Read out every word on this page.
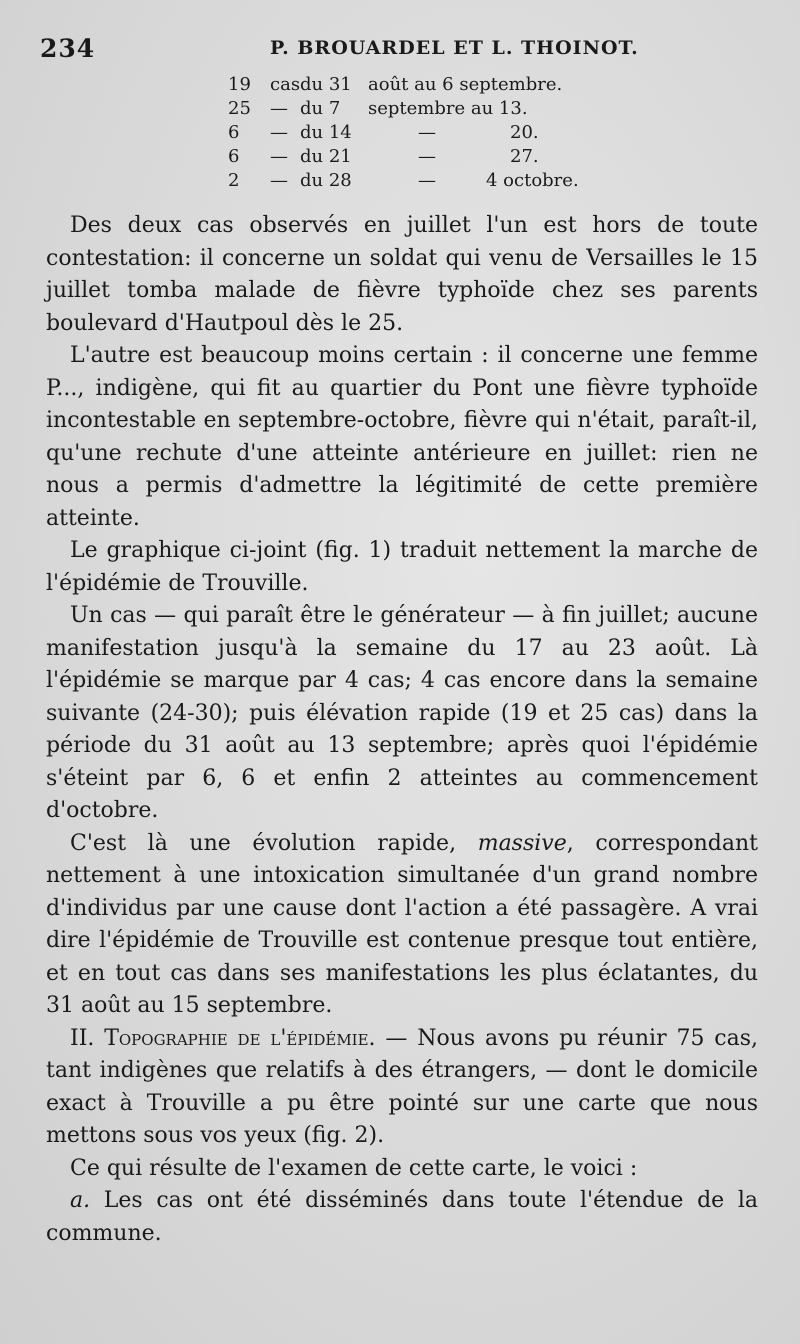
234	P. BROUARDEL ET L. THOINOT.
19 cas du 31 août au 6 septembre.
25 — du 7 septembre au 13.
6 — du 14	—	20.
6 — du 21	—	27.
2 — du 28	—	4 octobre.

Des deux cas observés en juillet l'un est hors de toute contestation: il concerne un soldat qui venu de Versailles le 15 juillet tomba malade de fièvre typhoïde chez ses parents boulevard d'Hautpoul dès le 25.

L'autre est beaucoup moins certain : il concerne une femme P..., indigène, qui fit au quartier du Pont une fièvre typhoïde incontestable en septembre-octobre, fièvre qui n'était, paraît-il, qu'une rechute d'une atteinte antérieure en juillet: rien ne nous a permis d'admettre la légitimité de cette première atteinte.

Le graphique ci-joint (fig. 1) traduit nettement la marche de l'épidémie de Trouville.

Un cas — qui paraît être le générateur — à fin juillet; aucune manifestation jusqu'à la semaine du 17 au 23 août. Là l'épidémie se marque par 4 cas; 4 cas encore dans la semaine suivante (24-30); puis élévation rapide (19 et 25 cas) dans la période du 31 août au 13 septembre; après quoi l'épidémie s'éteint par 6, 6 et enfin 2 atteintes au commencement d'octobre.

C'est là une évolution rapide, massive, correspondant nettement à une intoxication simultanée d'un grand nombre d'individus par une cause dont l'action a été passagère. A vrai dire l'épidémie de Trouville est contenue presque tout entière, et en tout cas dans ses manifestations les plus éclatantes, du 31 août au 15 septembre.

II. Topographie de l'épidémie. — Nous avons pu réunir 75 cas, tant indigènes que relatifs à des étrangers, — dont le domicile exact à Trouville a pu être pointé sur une carte que nous mettons sous vos yeux (fig. 2).

Ce qui résulte de l'examen de cette carte, le voici :

a. Les cas ont été disséminés dans toute l'étendue de la commune.
